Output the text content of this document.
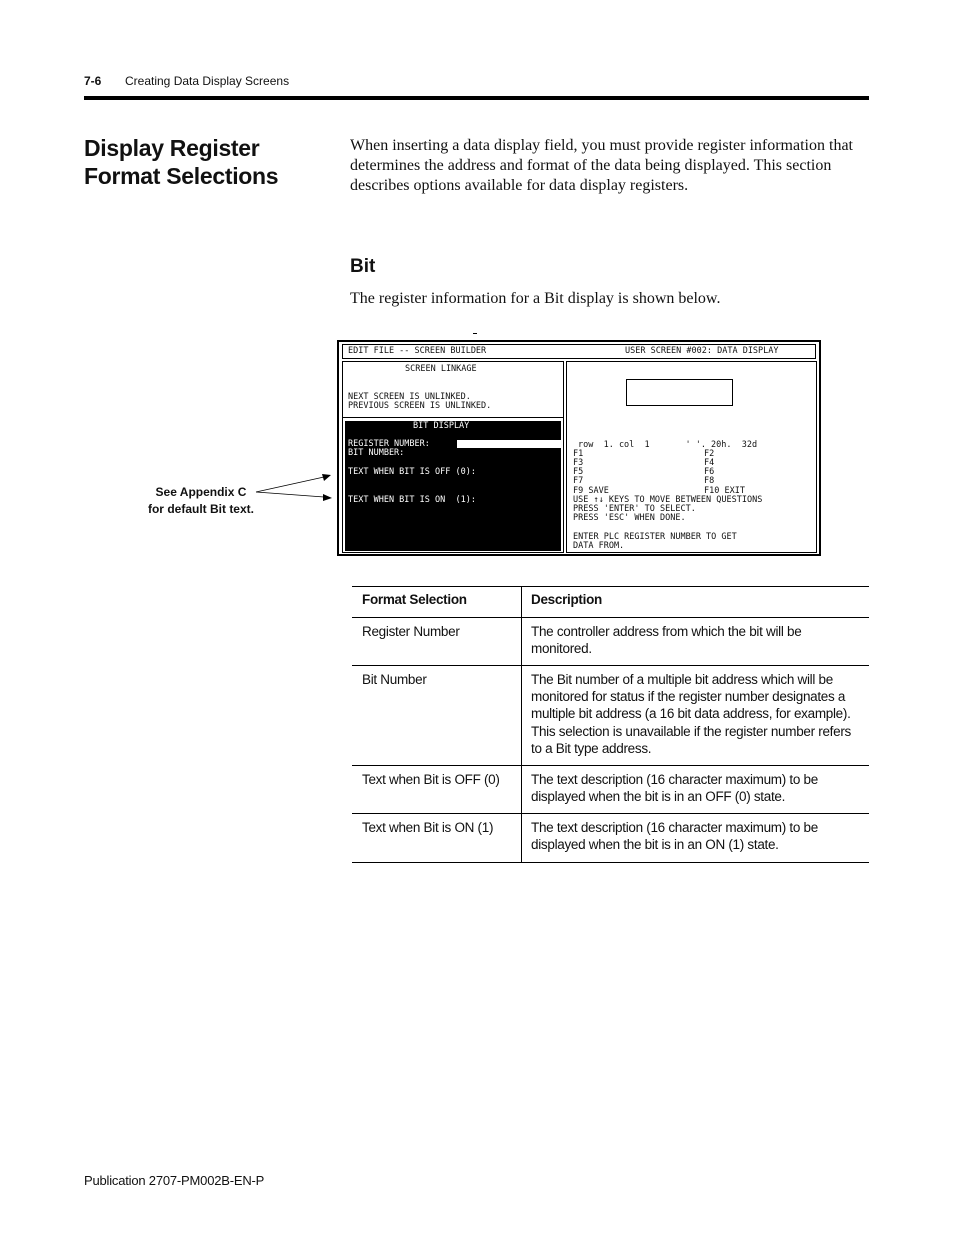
7-6 Creating Data Display Screens
Display Register Format Selections
When inserting a data display field, you must provide register information that determines the address and format of the data being displayed. This section describes options available for data display registers.
Bit
The register information for a Bit display is shown below.
EDIT FILE -- SCREEN BUILDER	USER SCREEN #002: DATA DISPLAY
SCREEN LINKAGE
NEXT SCREEN IS UNLINKED.
PREVIOUS SCREEN IS UNLINKED.
BIT DISPLAY
REGISTER NUMBER:
BIT NUMBER:
TEXT WHEN BIT IS OFF (0):
TEXT WHEN BIT IS ON  (1):
row  1. col  1       ' '. 20h.  32d
F1	F2
F3	F4
F5	F6
F7	F8
F9 SAVE	F10 EXIT
USE ↑↓ KEYS TO MOVE BETWEEN QUESTIONS
PRESS 'ENTER' TO SELECT.
PRESS 'ESC' WHEN DONE.
ENTER PLC REGISTER NUMBER TO GET
DATA FROM.
See Appendix C
for default Bit text.
Format Selection	Description
Register Number	The controller address from which the bit will be monitored.
Bit Number	The Bit number of a multiple bit address which will be monitored for status if the register number designates a multiple bit address (a 16 bit data address, for example). This selection is unavailable if the register number refers to a Bit type address.
Text when Bit is OFF (0)	The text description (16 character maximum) to be displayed when the bit is in an OFF (0) state.
Text when Bit is ON (1)	The text description (16 character maximum) to be displayed when the bit is in an ON (1) state.
Publication 2707-PM002B-EN-P
